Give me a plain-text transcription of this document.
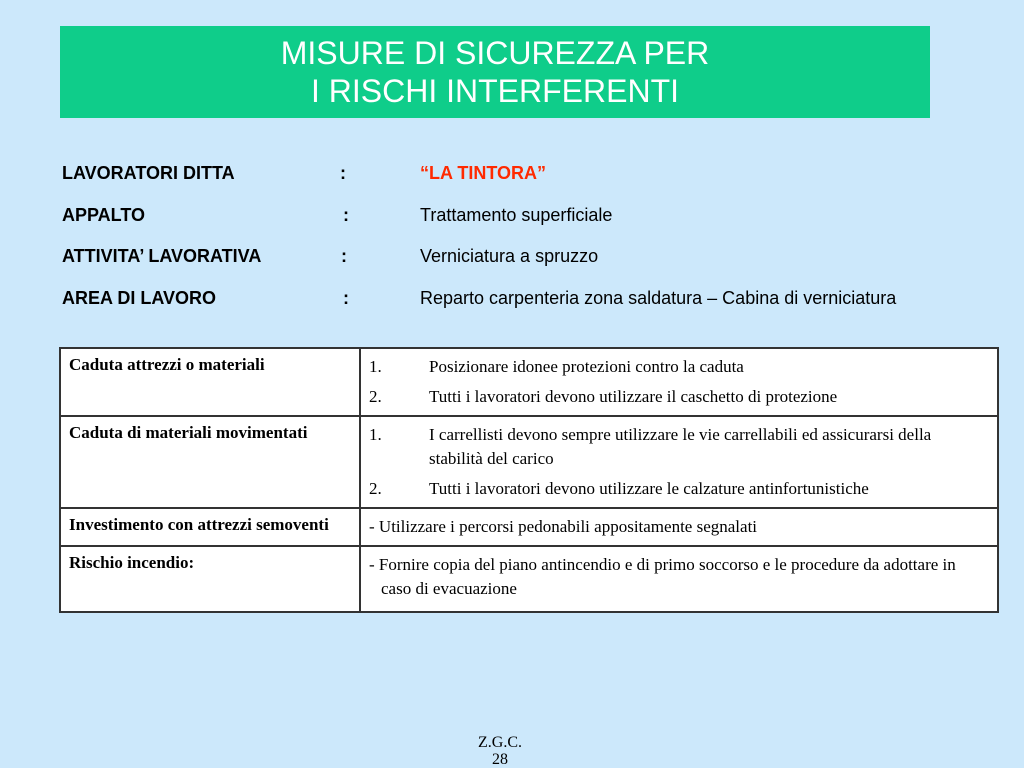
MISURE DI SICUREZZA PER
I RISCHI INTERFERENTI
LAVORATORI DITTA	:	“LA TINTORA”
APPALTO	:	Trattamento superficiale
ATTIVITA’ LAVORATIVA	:	Verniciatura a spruzzo
AREA DI LAVORO	:	Reparto carpenteria zona saldatura – Cabina di verniciatura
Caduta attrezzi o materiali	1. Posizionare idonee protezioni contro la caduta
2. Tutti i lavoratori devono utilizzare il caschetto di protezione

Caduta di materiali movimentati	1. I carrellisti devono sempre utilizzare le vie carrellabili ed assicurarsi della stabilità del carico
2. Tutti i lavoratori devono utilizzare le calzature antinfortunistiche

Investimento con attrezzi semoventi	- Utilizzare i percorsi pedonabili appositamente segnalati

Rischio incendio:	- Fornire copia del piano antincendio e di primo soccorso e le procedure da adottare in caso di evacuazione
Z.G.C.
28
